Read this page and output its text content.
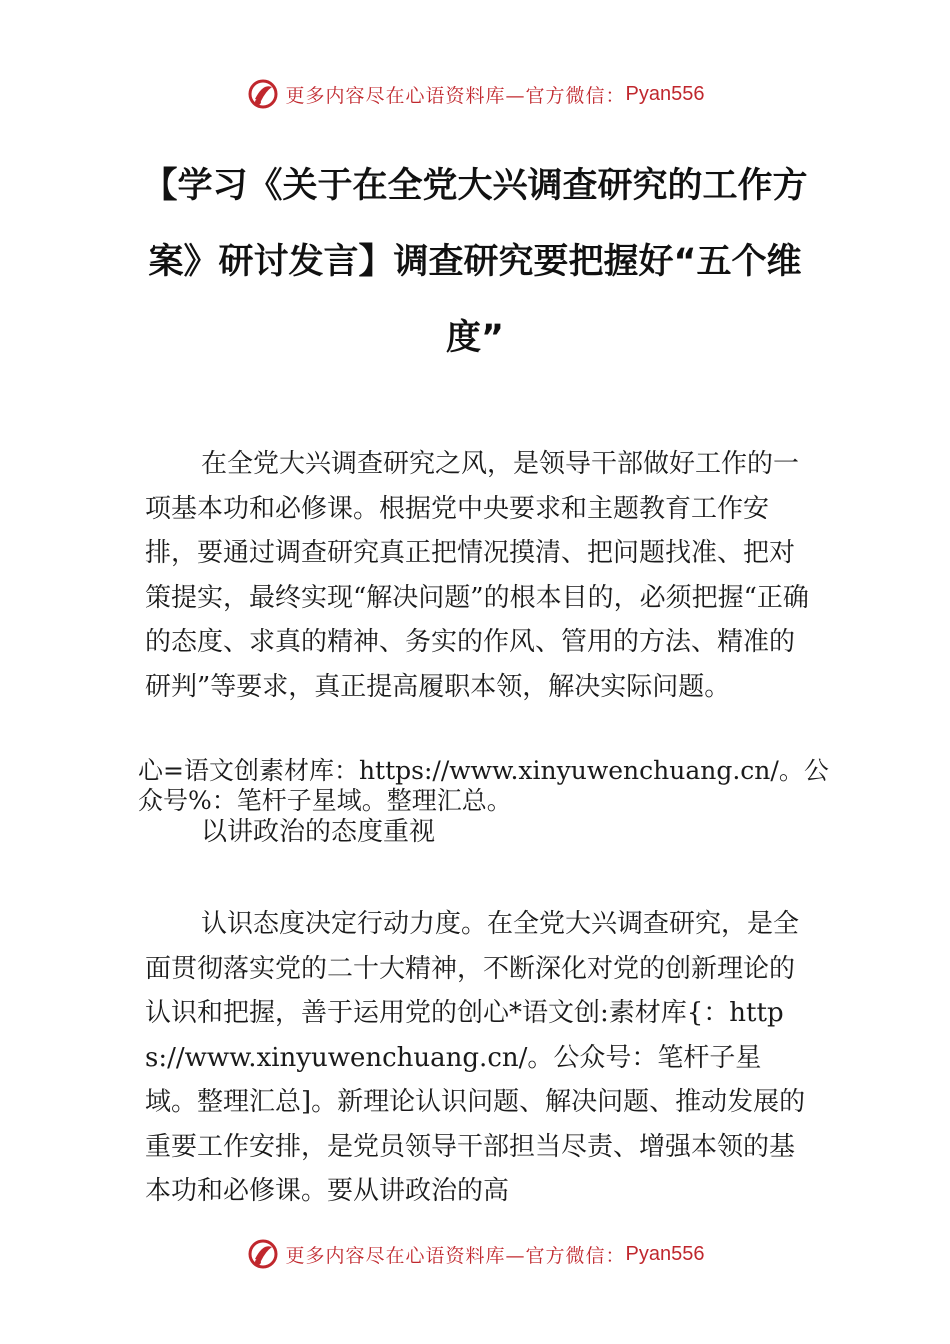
更多内容尽在心语资料库—官方微信： Pyan556
【学习《关于在全党大兴调查研究的工作方案》研讨发言】调查研究要把握好“五个维度”
在全党大兴调查研究之风，是领导干部做好工作的一项基本功和必修课。根据党中央要求和主题教育工作安排，要通过调查研究真正把情况摸清、把问题找准、把对策提实，最终实现“解决问题”的根本目的，必须把握“正确的态度、求真的精神、务实的作风、管用的方法、精准的研判”等要求，真正提高履职本领，解决实际问题。
心=语文创素材库：https://www.xinyuwenchuang.cn/。公众号%：笔杆子星域。整理汇总。
以讲政治的态度重视
认识态度决定行动力度。在全党大兴调查研究，是全面贯彻落实党的二十大精神，不断深化对党的创新理论的认识和把握，善于运用党的创心*语文创:素材库{：https://www.xinyuwenchuang.cn/。公众号：笔杆子星域。整理汇总]。新理论认识问题、解决问题、推动发展的重要工作安排，是党员领导干部担当尽责、增强本领的基本功和必修课。要从讲政治的高
更多内容尽在心语资料库—官方微信： Pyan556
